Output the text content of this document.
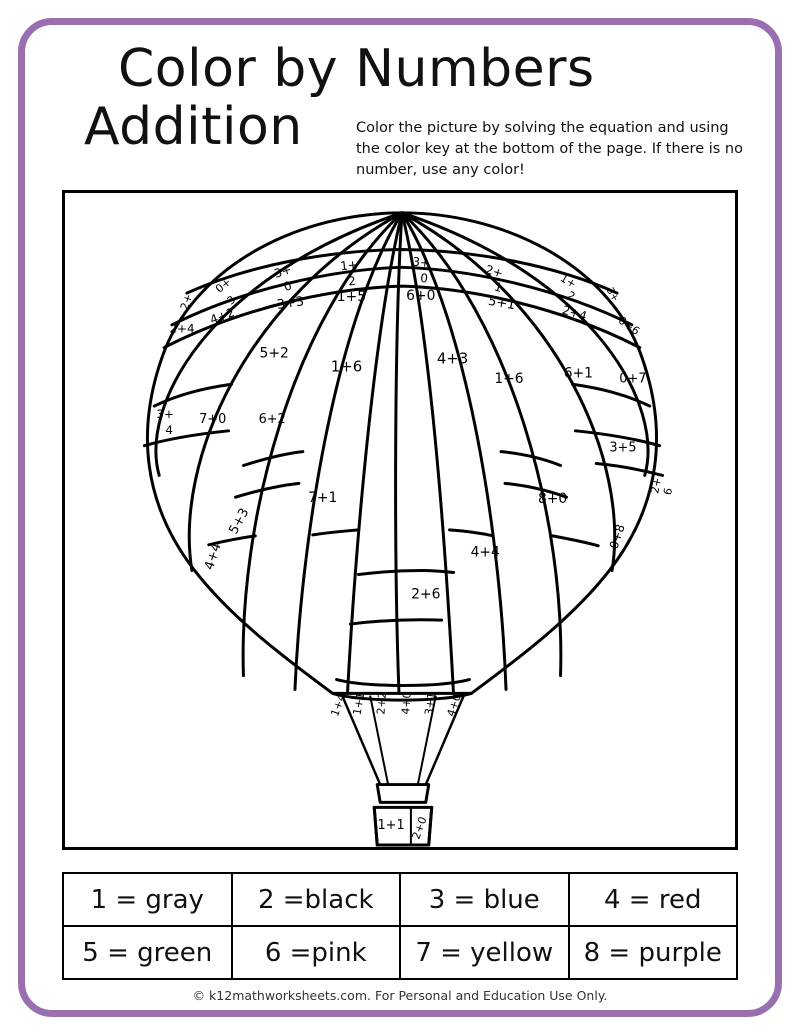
Color by Numbers
Addition	Color the picture by solving the equation and using the color key at the bottom of the page. If there is no number, use any color!
2+
0+
3
3+
0
1+
2
3+
0	2+
1	1+
2	3+
2+4
4+2
3+3 1+5	6+0	5+1	2+4
0+6
5+2
1+6	4+3
1+6	6+1 0+7
3+
4
7+0 6+2
3+5
2+
6
7+1	8+0
5+3	0+8
4+4	4+4
2+6
1+4 1+1 2+2 4+0 3+1 4+0
1+1 2+0
1 = gray	2 =black	3 = blue	4 = red
5 = green	6 =pink	7 = yellow	8 = purple
© k12mathworksheets.com. For Personal and Education Use Only.
